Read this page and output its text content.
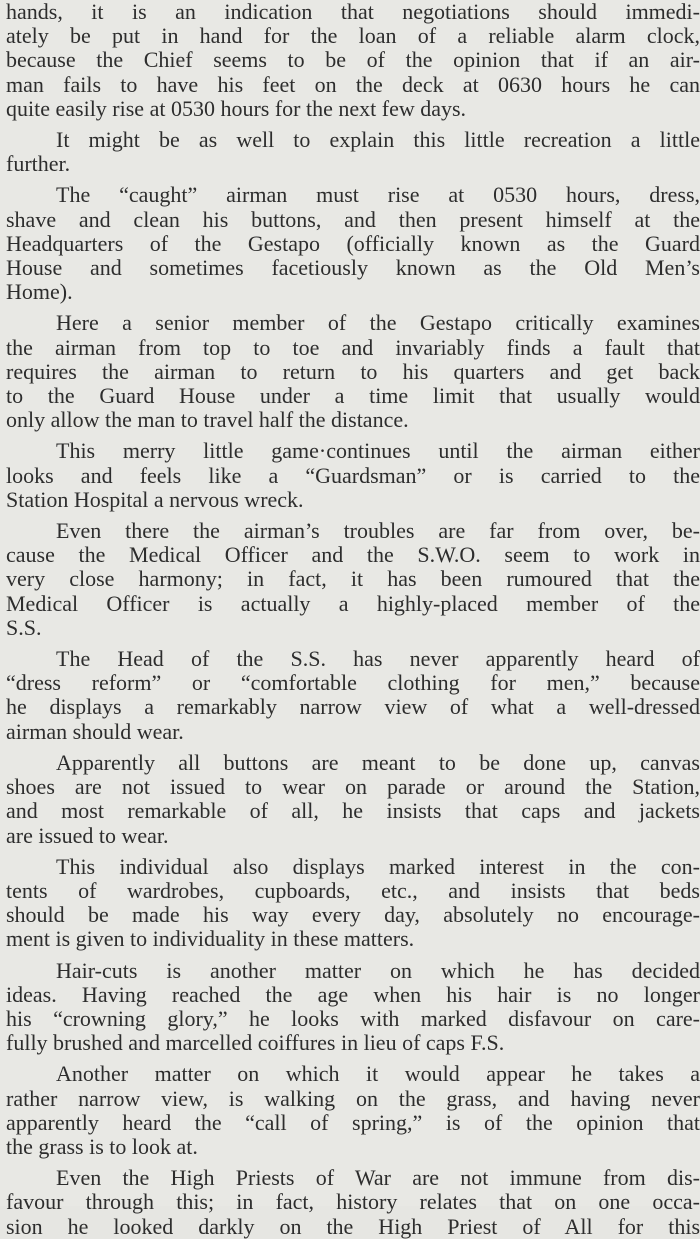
hands, it is an indication that negotiations should immedi-
ately be put in hand for the loan of a reliable alarm clock,
because the Chief seems to be of the opinion that if an air-
man fails to have his feet on the deck at 0630 hours he can
quite easily rise at 0530 hours for the next few days.
It might be as well to explain this little recreation a little
further.
The “caught” airman must rise at 0530 hours, dress,
shave and clean his buttons, and then present himself at the
Headquarters of the Gestapo (officially known as the Guard
House and sometimes facetiously known as the Old Men’s
Home).
Here a senior member of the Gestapo critically examines
the airman from top to toe and invariably finds a fault that
requires the airman to return to his quarters and get back
to the Guard House under a time limit that usually would
only allow the man to travel half the distance.
This merry little game·continues until the airman either
looks and feels like a “Guardsman” or is carried to the
Station Hospital a nervous wreck.
Even there the airman’s troubles are far from over, be-
cause the Medical Officer and the S.W.O. seem to work in
very close harmony; in fact, it has been rumoured that the
Medical Officer is actually a highly-placed member of the
S.S.
The Head of the S.S. has never apparently heard of
“dress reform” or “comfortable clothing for men,” because
he displays a remarkably narrow view of what a well-dressed
airman should wear.
Apparently all buttons are meant to be done up, canvas
shoes are not issued to wear on parade or around the Station,
and most remarkable of all, he insists that caps and jackets
are issued to wear.
This individual also displays marked interest in the con-
tents of wardrobes, cupboards, etc., and insists that beds
should be made his way every day, absolutely no encourage-
ment is given to individuality in these matters.
Hair-cuts is another matter on which he has decided
ideas. Having reached the age when his hair is no longer
his “crowning glory,” he looks with marked disfavour on care-
fully brushed and marcelled coiffures in lieu of caps F.S.
Another matter on which it would appear he takes a
rather narrow view, is walking on the grass, and having never
apparently heard the “call of spring,” is of the opinion that
the grass is to look at.
Even the High Priests of War are not immune from dis-
favour through this; in fact, history relates that on one occa-
sion he looked darkly on the High Priest of All for this
